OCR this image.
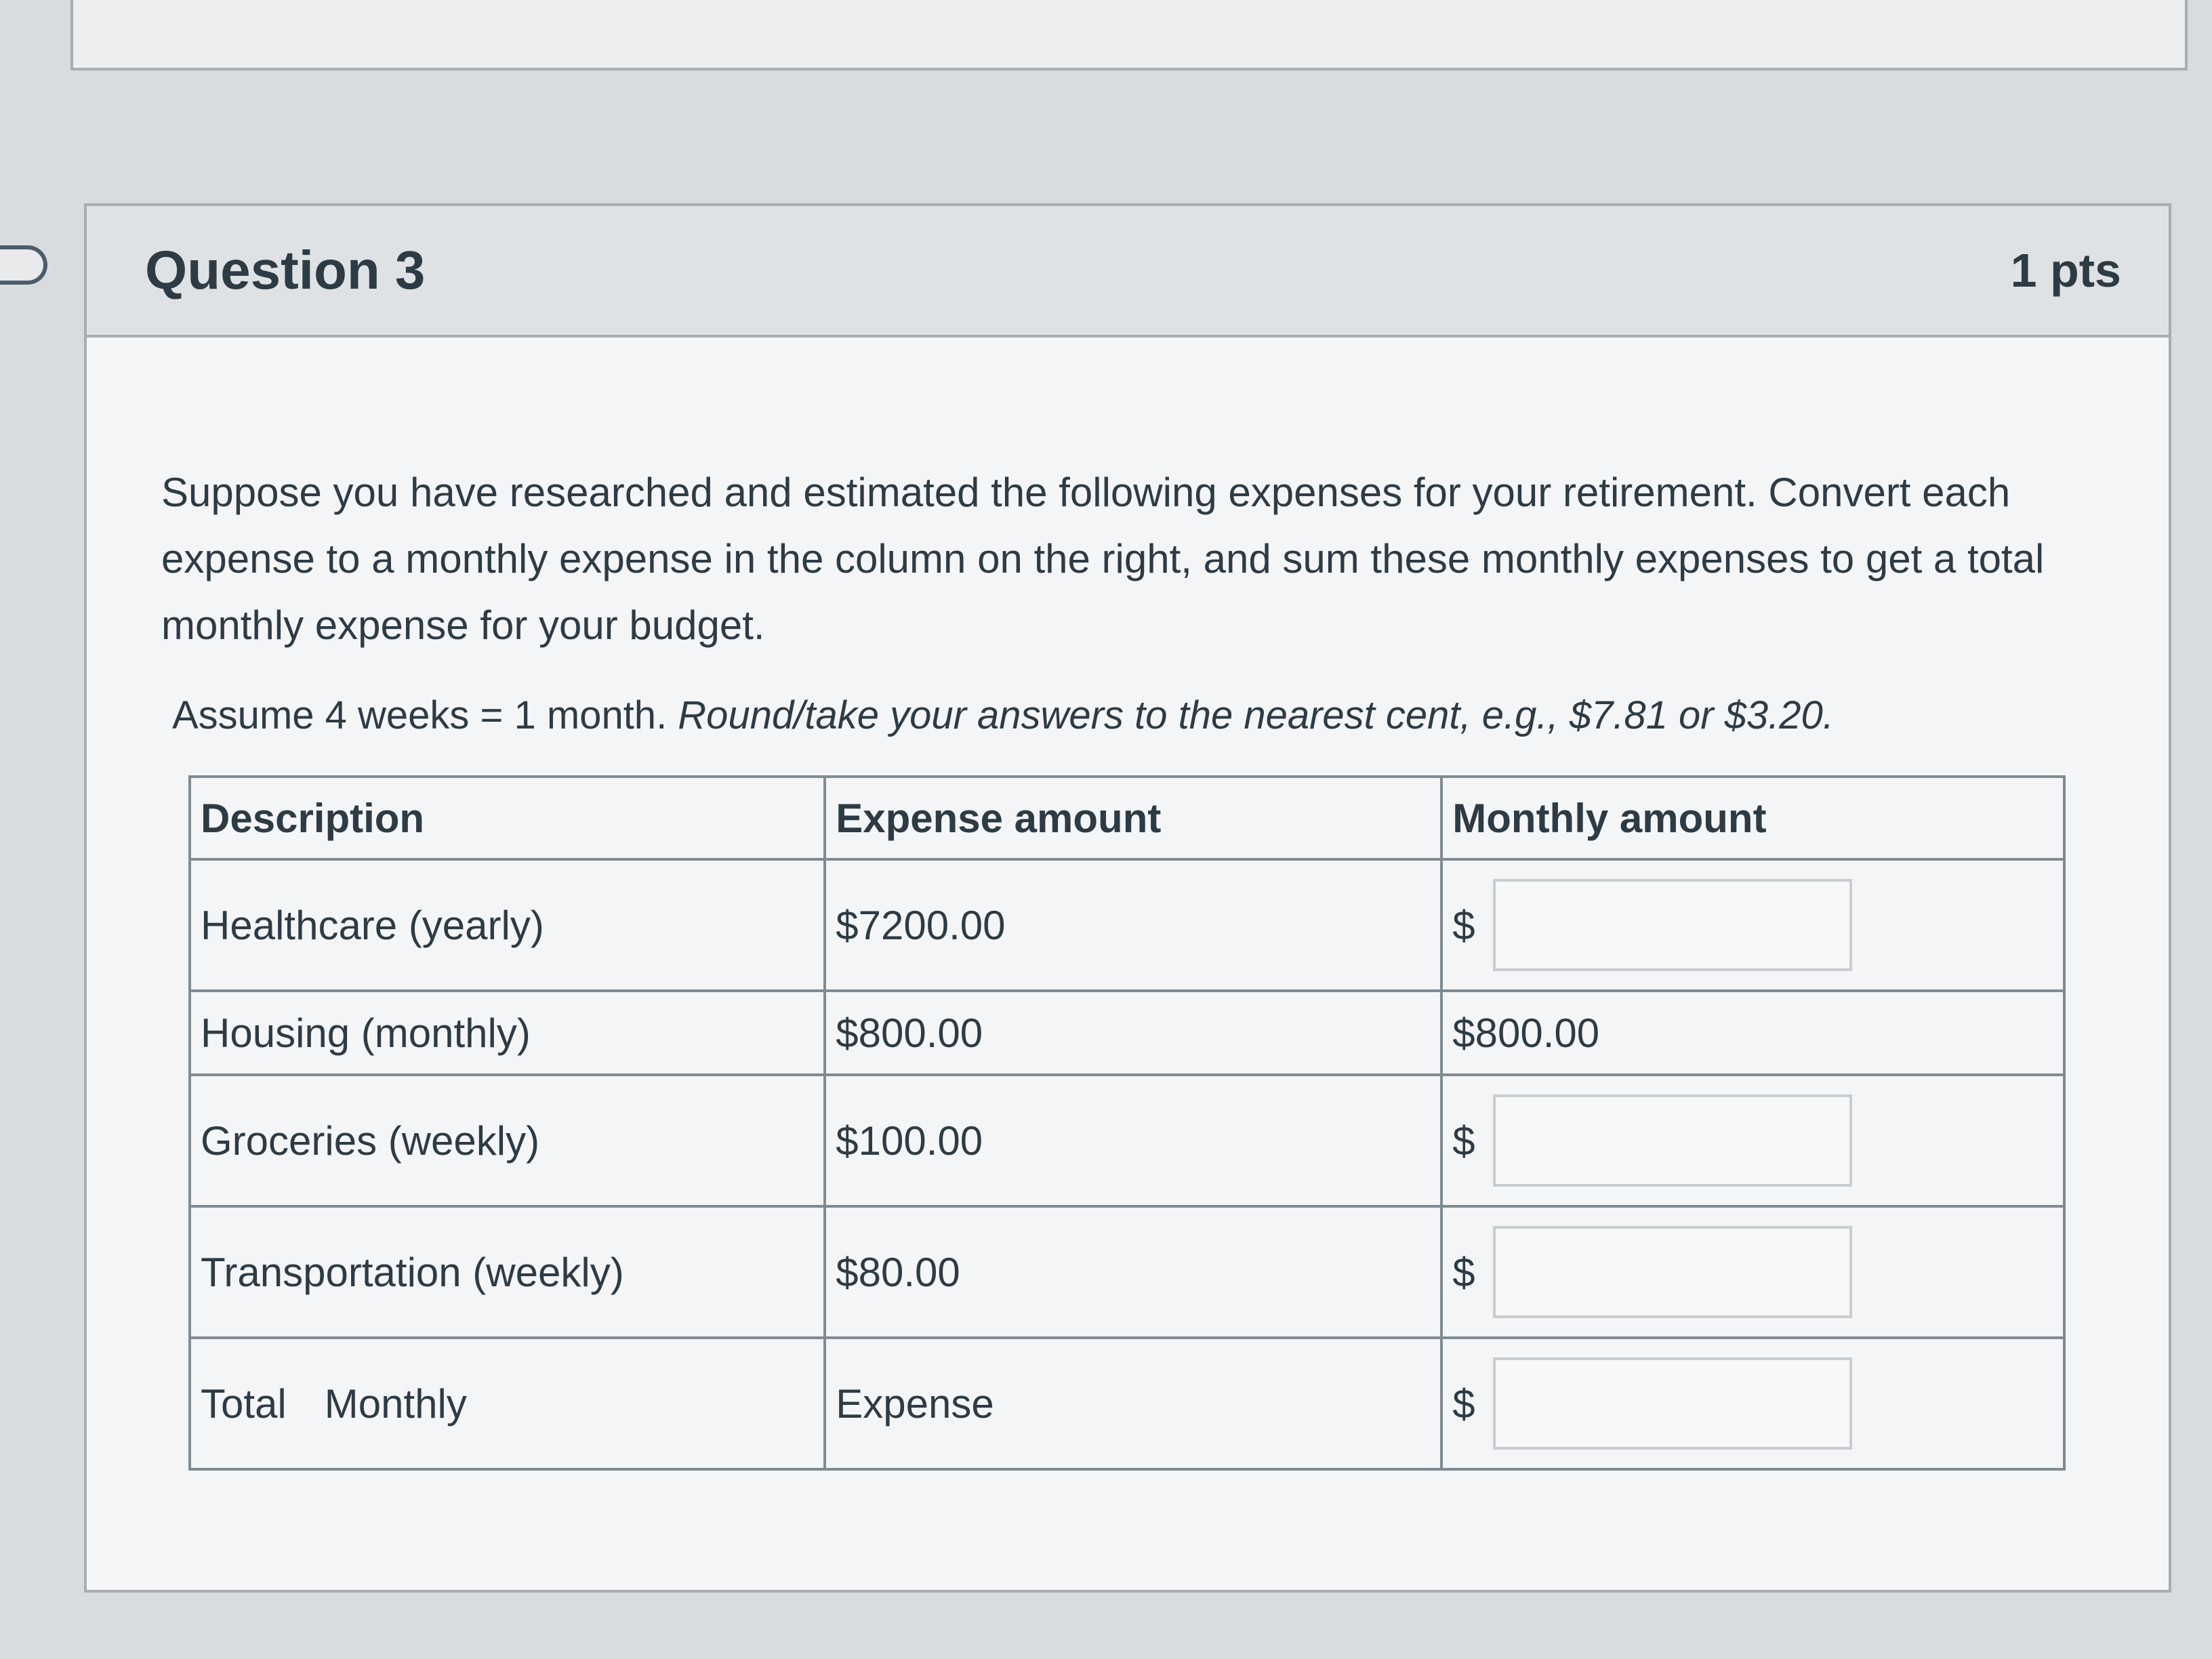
Question 3	1 pts

Suppose you have researched and estimated the following expenses for your retirement. Convert each expense to a monthly expense in the column on the right, and sum these monthly expenses to get a total monthly expense for your budget.

Assume 4 weeks = 1 month. Round/take your answers to the nearest cent, e.g., $7.81 or $3.20.

Description	Expense amount	Monthly amount
Healthcare (yearly)	$7200.00	$
Housing (monthly)	$800.00	$800.00
Groceries (weekly)	$100.00	$
Transportation (weekly)	$80.00	$
Total Monthly	Expense	$
